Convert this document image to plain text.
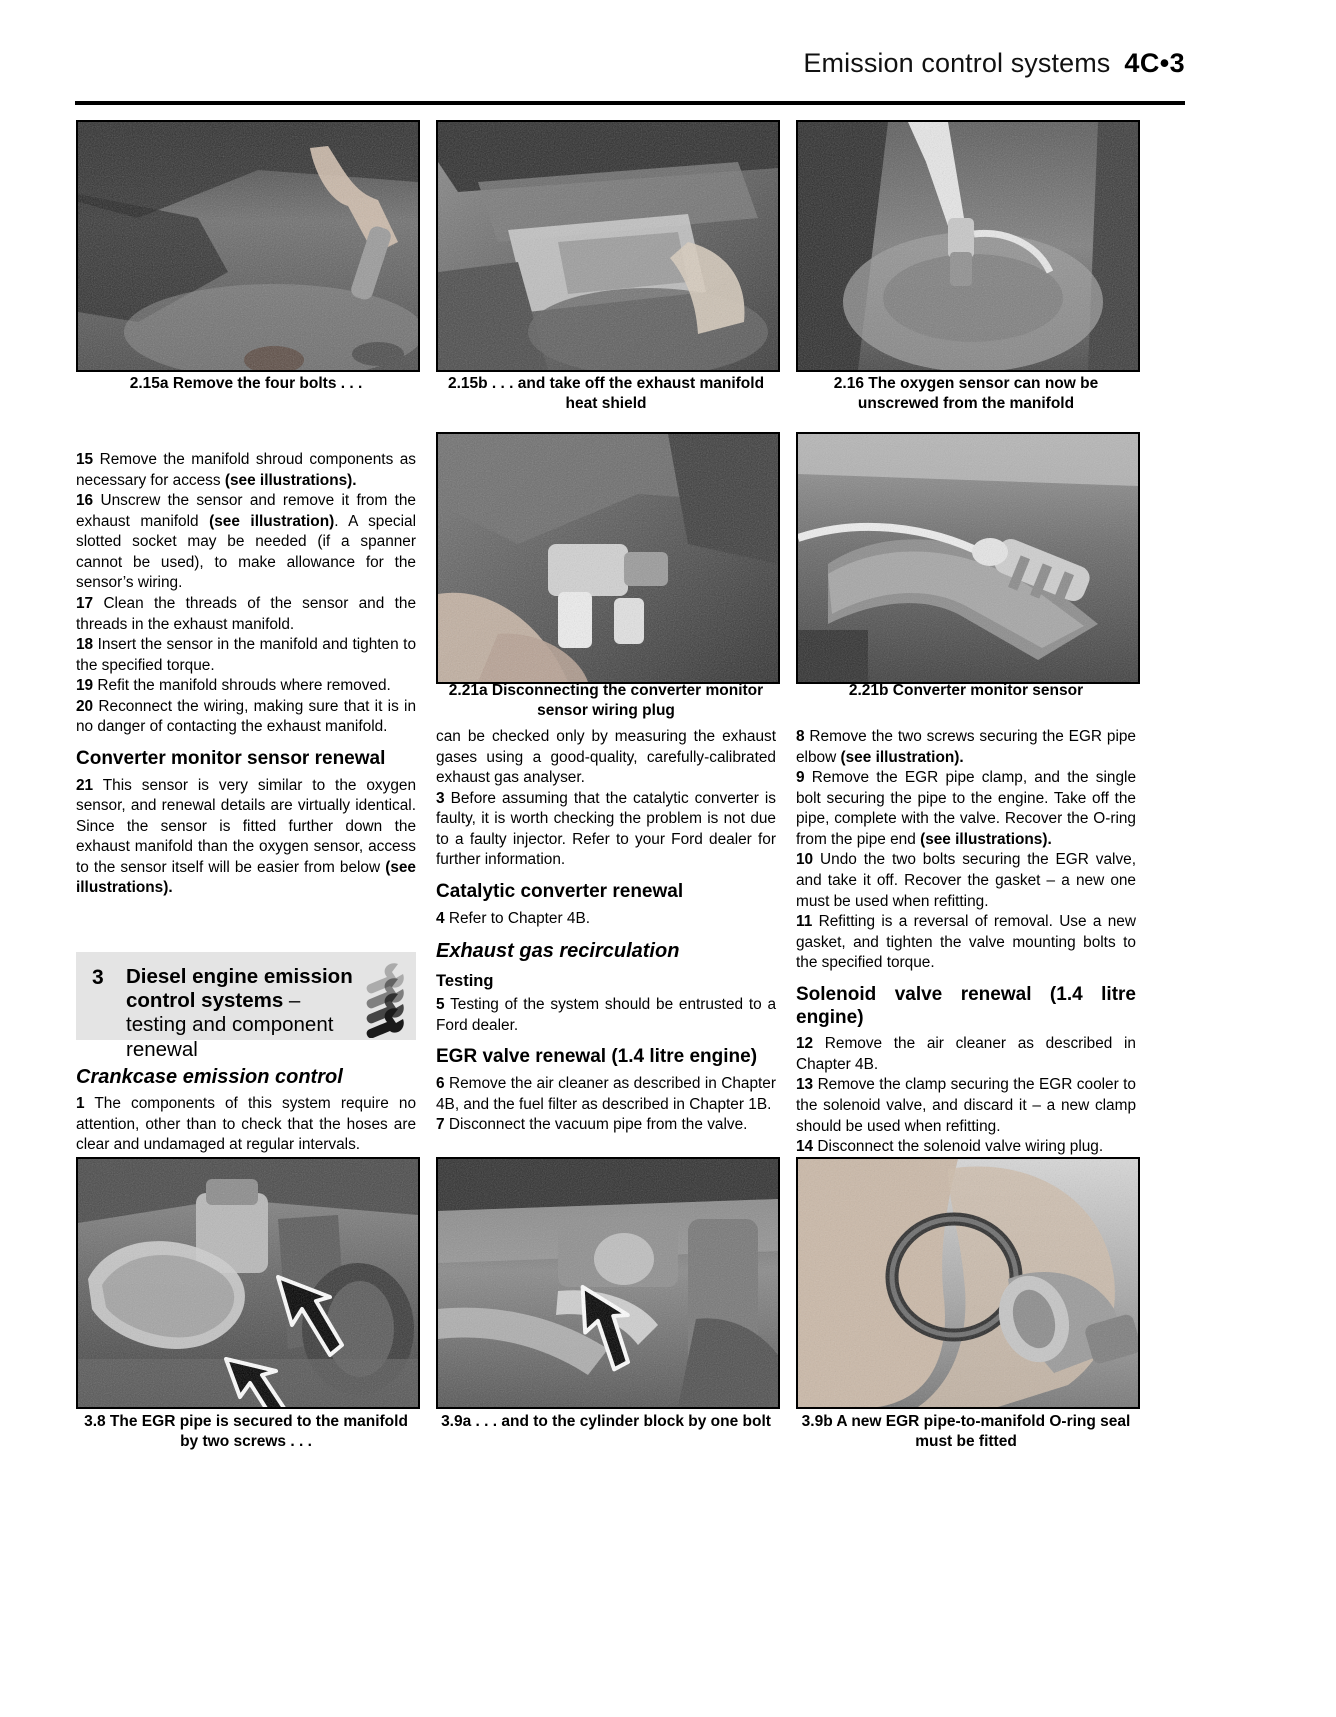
Emission control systems 4C•3
2.15a Remove the four bolts . . .	2.15b . . . and take off the exhaust manifold heat shield
2.16 The oxygen sensor can now be unscrewed from the manifold
2.21a Disconnecting the converter monitor sensor wiring plug
2.21b Converter monitor sensor

15 Remove the manifold shroud components as necessary for access (see illustrations).

16 Unscrew the sensor and remove it from the exhaust manifold (see illustration). A special slotted socket may be needed (if a spanner cannot be used), to make allowance for the sensor’s wiring.

17 Clean the threads of the sensor and the threads in the exhaust manifold.

18 Insert the sensor in the manifold and tighten to the specified torque.

19 Refit the manifold shrouds where removed.

20 Reconnect the wiring, making sure that it is in no danger of contacting the exhaust manifold.

Converter monitor sensor renewal

21 This sensor is very similar to the oxygen sensor, and renewal details are virtually identical. Since the sensor is fitted further down the exhaust manifold than the oxygen sensor, access to the sensor itself will be easier from below (see illustrations).

3 Diesel engine emission control systems – testing and component renewal
Crankcase emission control

1 The components of this system require no attention, other than to check that the hoses are clear and undamaged at regular intervals.

can be checked only by measuring the exhaust gases using a good-quality, carefully-calibrated exhaust gas analyser.

3 Before assuming that the catalytic converter is faulty, it is worth checking the problem is not due to a faulty injector. Refer to your Ford dealer for further information.

Catalytic converter renewal

4 Refer to Chapter 4B.

Exhaust gas recirculation
Testing

5 Testing of the system should be entrusted to a Ford dealer.

EGR valve renewal (1.4 litre engine)

6 Remove the air cleaner as described in Chapter 4B, and the fuel filter as described in Chapter 1B.

7 Disconnect the vacuum pipe from the valve.

8 Remove the two screws securing the EGR pipe elbow (see illustration).

9 Remove the EGR pipe clamp, and the single bolt securing the pipe to the engine. Take off the pipe, complete with the valve. Recover the O-ring from the pipe end (see illustrations).

10 Undo the two bolts securing the EGR valve, and take it off. Recover the gasket – a new one must be used when refitting.

11 Refitting is a reversal of removal. Use a new gasket, and tighten the valve mounting bolts to the specified torque.

Solenoid valve renewal (1.4 litre engine)

12 Remove the air cleaner as described in Chapter 4B.

13 Remove the clamp securing the EGR cooler to the solenoid valve, and discard it – a new clamp should be used when refitting.

14 Disconnect the solenoid valve wiring plug.

3.8 The EGR pipe is secured to the manifold by two screws . . .
3.9a . . . and to the cylinder block by one bolt	3.9b A new EGR pipe-to-manifold O-ring seal must be fitted
